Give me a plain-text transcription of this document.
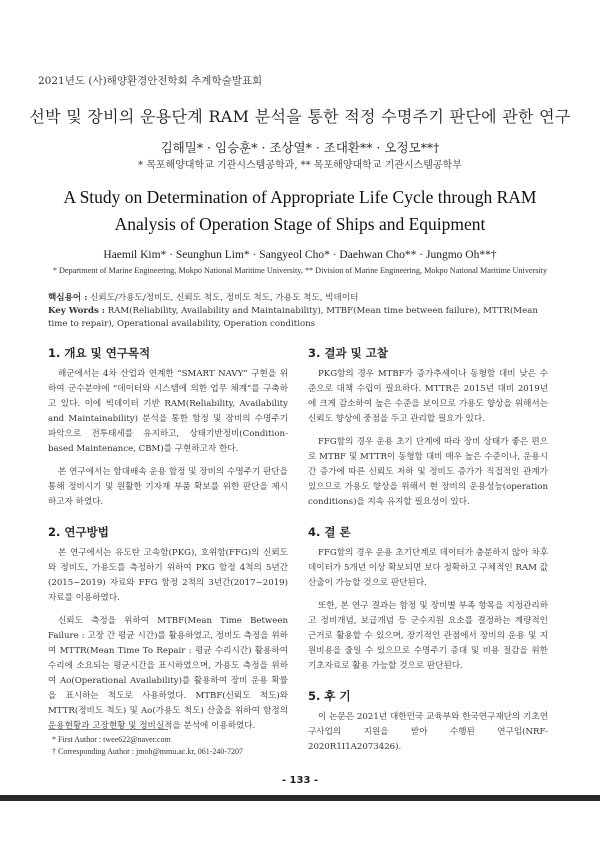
2021년도 (사)해양환경안전학회 추계학술발표회
선박 및 장비의 운용단계 RAM 분석을 통한 적정 수명주기 판단에 관한 연구
김해밀* · 임승훈* · 조상열* · 조대환** · 오정모**†
* 목포해양대학교 기관시스템공학과, ** 목포해양대학교 기관시스템공학부
A Study on Determination of Appropriate Life Cycle through RAM
Analysis of Operation Stage of Ships and Equipment
Haemil Kim* · Seunghun Lim* · Sangyeol Cho* · Daehwan Cho** · Jungmo Oh**†
* Department of Marine Engineering, Mokpo National Maritime University, ** Division of Marine Engineering, Mokpo National Maritime University
핵심용어 : 신뢰도/가용도/정비도, 신뢰도 척도, 정비도 척도, 가용도 척도, 빅데이터
Key Words : RAM(Reliability, Availability and Maintainability), MTBF(Mean time between failure), MTTR(Mean time to repair), Operational availability, Operation conditions
1. 개요 및 연구목적

해군에서는 4차 산업과 연계한 “SMART NAVY” 구현을 위하여 군수분야에 “데이터와 시스템에 의한 업무 체계”를 구축하고 있다. 이에 빅데이터 기반 RAM(Reliability, Availability and Maintainability) 분석을 통한 함정 및 장비의 수명주기 파악으로 전투태세를 유지하고, 상태기반정비(Condition-based Maintenance, CBM)를 구현하고자 한다.

본 연구에서는 함대배속 운용 함정 및 장비의 수명주기 판단을 통해 정비시기 및 원활한 기자재 부품 확보를 위한 판단을 제시하고자 하였다.

2. 연구방법

본 연구에서는 유도탄 고속함(PKG), 호위함(FFG)의 신뢰도와 정비도, 가용도를 측정하기 위하여 PKG 함정 4척의 5년간(2015~2019) 자료와 FFG 함정 2척의 3년간(2017~2019) 자료를 이용하였다.

신뢰도 측정을 위하여 MTBF(Mean Time Between Failure : 고장 간 평균 시간)를 활용하였고, 정비도 측정을 위하여 MTTR(Mean Time To Repair : 평균 수리시간) 활용하여 수리에 소요되는 평균시간을 표시하였으며, 가용도 측정을 위하여 Ao(Operational Availability)를 활용하여 장비 운용 확률을 표시하는 척도로 사용하였다. MTBF(신뢰도 척도)와 MTTR(정비도 척도) 및 Ao(가용도 척도) 산출을 위하여 함정의 운용현황과 고장현황 및 정비실적을 분석에 이용하였다.

3. 결과 및 고찰

PKG함의 경우 MTBF가 증가추세이나 동형함 대비 낮은 수준으로 대책 수립이 필요하다. MTTR은 2015년 대비 2019년에 크게 감소하여 높은 수준을 보이므로 가용도 향상을 위해서는 신뢰도 향상에 중점을 두고 관리할 필요가 있다.

FFG함의 경우 운용 초기 단계에 따라 장비 상태가 좋은 편으로 MTBF 및 MTTR이 동형함 대비 매우 높은 수준이나, 운용시간 증가에 따른 신뢰도 저하 및 정비도 증가가 직접적인 관계가 있으므로 가용도 향상을 위해서 현 장비의 운용성능(operation conditions)을 지속 유지할 필요성이 있다.

4. 결 론

FFG함의 경우 운용 초기단계로 데이터가 충분하지 않아 차후 데이터가 5개년 이상 확보되면 보다 정확하고 구체적인 RAM 값 산출이 가능할 것으로 판단된다.

또한, 본 연구 결과는 함정 및 장비별 부족 항목을 지정관리하고 정비개념, 보급개념 등 군수지원 요소를 결정하는 계량적인 근거로 활용할 수 있으며, 장기적인 관점에서 장비의 운용 및 지원비용을 줄일 수 있으므로 수명주기 증대 및 비용 절감을 위한 기초자료로 활용 가능할 것으로 판단된다.

5. 후 기

이 논문은 2021년 대한민국 교육부와 한국연구재단의 기초연구사업의 지원을 받아 수행된 연구임(NRF-2020R1I1A2073426).

* First Author : twee622@naver.com
† Corresponding Author : jmoh@mmu.ac.kr, 061-240-7207
- 133 -
